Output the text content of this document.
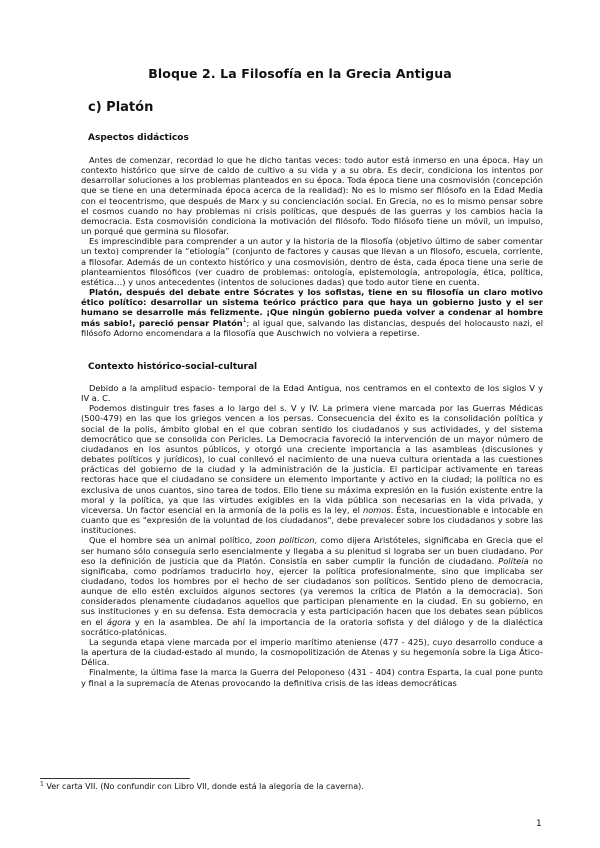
Bloque 2. La Filosofía en la Grecia Antigua
c) Platón
Aspectos didácticos

Antes de comenzar, recordad lo que he dicho tantas veces: todo autor está inmerso en una época. Hay un contexto histórico que sirve de caldo de cultivo a su vida y a su obra. Es decir, condiciona los intentos por desarrollar soluciones a los problemas planteados en su época. Toda época tiene una cosmovisión (concepción que se tiene en una determinada época acerca de la realidad): No es lo mismo ser filósofo en la Edad Media con el teocentrismo, que después de Marx y su concienciación social. En Grecia, no es lo mismo pensar sobre el cosmos cuando no hay problemas ni crisis políticas, que después de las guerras y los cambios hacia la democracia. Esta cosmovisión condiciona la motivación del filósofo. Todo filósofo tiene un móvil, un impulso, un porqué que germina su filosofar.

Es imprescindible para comprender a un autor y la historia de la filosofía (objetivo último de saber comentar un texto) comprender la “etiología” (conjunto de factores y causas que llevan a un filosofo, escuela, corriente, a filosofar. Además de un contexto histórico y una cosmovisión, dentro de ésta, cada época tiene una serie de planteamientos filosóficos (ver cuadro de problemas: ontología, epistemología, antropología, ética, política, estética…) y unos antecedentes (intentos de soluciones dadas) que todo autor tiene en cuenta.

Platón, después del debate entre Sócrates y los sofistas, tiene en su filosofía un claro motivo ético político: desarrollar un sistema teórico práctico para que haya un gobierno justo y el ser humano se desarrolle más felizmente. ¡Que ningún gobierno pueda volver a condenar al hombre más sabio!, pareció pensar Platón$^1$; al igual que, salvando las distancias, después del holocausto nazi, el filósofo Adorno encomendara a la filosofía que Auschwich no volviera a repetirse.

Contexto histórico-social-cultural

Debido a la amplitud espacio- temporal de la Edad Antigua, nos centramos en el contexto de los siglos V y IV a. C.

Podemos distinguir tres fases a lo largo del s. V y IV. La primera viene marcada por las Guerras Médicas (500-479) en las que los griegos vencen a los persas. Consecuencia del éxito es la consolidación política y social de la polis, ámbito global en el que cobran sentido los ciudadanos y sus actividades, y del sistema democrático que se consolida con Pericles. La Democracia favoreció la intervención de un mayor número de ciudadanos en los asuntos públicos, y otorgó una creciente importancia a las asambleas (discusiones y debates políticos y jurídicos), lo cual conllevó el nacimiento de una nueva cultura orientada a las cuestiones prácticas del gobierno de la ciudad y la administración de la justicia. El participar activamente en tareas rectoras hace que el ciudadano se considere un elemento importante y activo en la ciudad; la política no es exclusiva de unos cuantos, sino tarea de todos. Ello tiene su máxima expresión en la fusión existente entre la moral y la política, ya que las virtudes exigibles en la vida pública son necesarias en la vida privada, y viceversa. Un factor esencial en la armonía de la polis es la ley, el nomos. Ésta, incuestionable e intocable en cuanto que es "expresión de la voluntad de los ciudadanos", debe prevalecer sobre los ciudadanos y sobre las instituciones.

Que el hombre sea un animal político, zoon politicon, como dijera Aristóteles, significaba en Grecia que el ser humano sólo conseguía serlo esencialmente y llegaba a su plenitud si lograba ser un buen ciudadano. Por eso la definición de justicia que da Platón. Consistía en saber cumplir la función de ciudadano. Politeia no significaba, como podríamos traducirlo hoy, ejercer la política profesionalmente, sino que implicaba ser ciudadano, todos los hombres por el hecho de ser ciudadanos son políticos. Sentido pleno de democracia, aunque de ello estén excluidos algunos sectores (ya veremos la crítica de Platón a la democracia). Son considerados plenamente ciudadanos aquellos que participan plenamente en la ciudad. En su gobierno, en sus instituciones y en su defensa. Esta democracia y esta participación hacen que los debates sean públicos en el ágora y en la asamblea. De ahí la importancia de la oratoria sofista y del diálogo y de la dialéctica socrático-platónicas.

La segunda etapa viene marcada por el imperio marítimo ateniense (477 - 425), cuyo desarrollo conduce a la apertura de la ciudad-estado al mundo, la cosmopolitización de Atenas y su hegemonía sobre la Liga Ático-Délica.

Finalmente, la última fase la marca la Guerra del Peloponeso (431 - 404) contra Esparta, la cual pone punto y final a la supremacía de Atenas provocando la definitiva crisis de las ideas democráticas

$^1$ Ver carta VII. (No confundir con Libro VII, donde está la alegoría de la caverna).
1
